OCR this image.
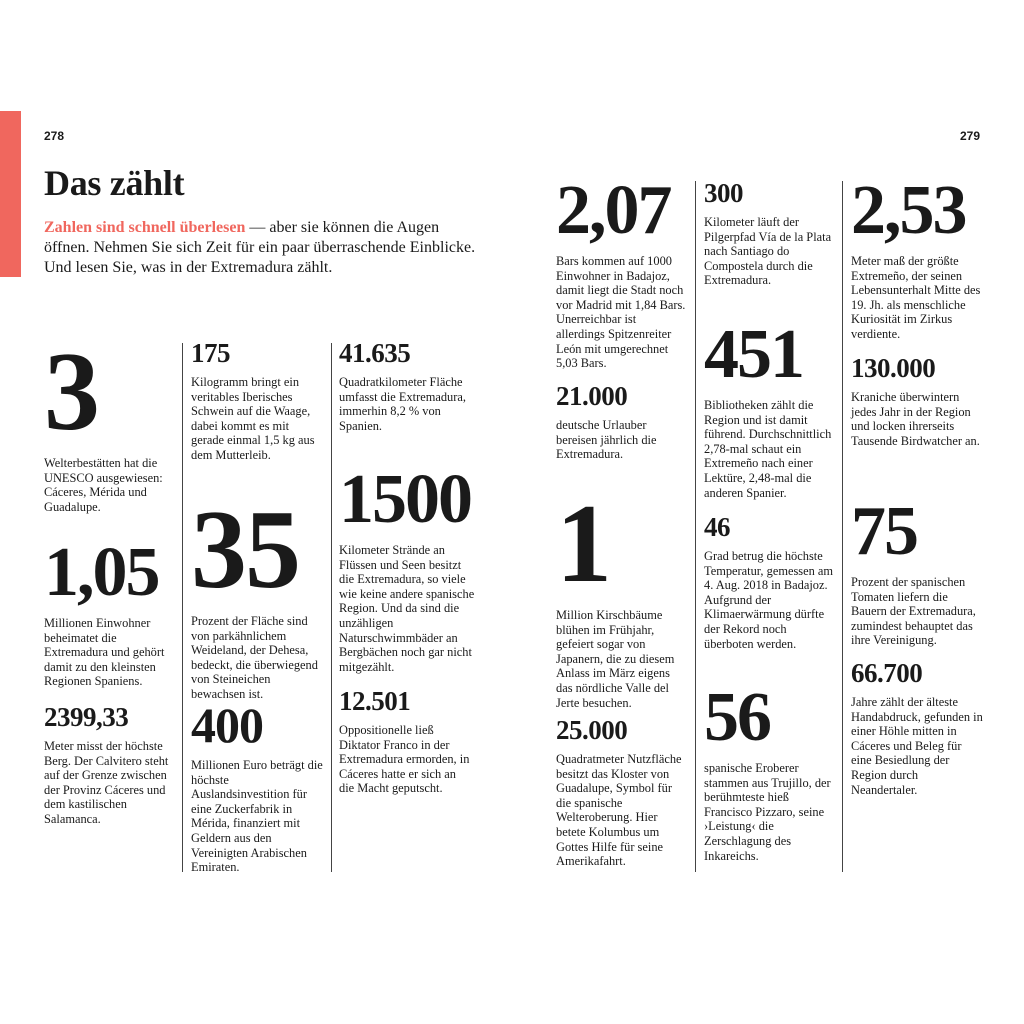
278	279
Das zählt
Zahlen sind schnell überlesen — aber sie können die Augen öffnen. Nehmen Sie sich Zeit für ein paar überraschende Einblicke. Und lesen Sie, was in der Extremadura zählt.
3
Welterbestätten hat die UNESCO ausgewiesen: Cáceres, Mérida und Guadalupe.
1,05
Millionen Einwohner beheimatet die Extremadura und gehört damit zu den kleinsten Regionen Spaniens.
2399,33
Meter misst der höchste Berg. Der Calvitero steht auf der Grenze zwischen der Provinz Cáceres und dem kastilischen Salamanca.
175
Kilogramm bringt ein veritables Iberisches Schwein auf die Waage, dabei kommt es mit gerade einmal 1,5 kg aus dem Mutterleib.
35
Prozent der Fläche sind von parkähnlichem Weideland, der Dehesa, bedeckt, die überwiegend von Steineichen bewachsen ist.
400
Millionen Euro beträgt die höchste Auslandsinvestition für eine Zuckerfabrik in Mérida, finanziert mit Geldern aus den Vereinigten Arabischen Emiraten.
41.635
Quadratkilometer Fläche umfasst die Extremadura, immerhin 8,2 % von Spanien.
1500
Kilometer Strände an Flüssen und Seen besitzt die Extremadura, so viele wie keine andere spanische Region. Und da sind die unzähligen Naturschwimmbäder an Bergbächen noch gar nicht mitgezählt.
12.501
Oppositionelle ließ Diktator Franco in der Extremadura ermorden, in Cáceres hatte er sich an die Macht geputscht.
2,07
Bars kommen auf 1000 Einwohner in Badajoz, damit liegt die Stadt noch vor Madrid mit 1,84 Bars. Unerreichbar ist allerdings Spitzenreiter León mit umgerechnet 5,03 Bars.
21.000
deutsche Urlauber bereisen jährlich die Extremadura.
1
Million Kirschbäume blühen im Frühjahr, gefeiert sogar von Japanern, die zu diesem Anlass im März eigens das nördliche Valle del Jerte besuchen.
25.000
Quadratmeter Nutzfläche besitzt das Kloster von Guadalupe, Symbol für die spanische Welteroberung. Hier betete Kolumbus um Gottes Hilfe für seine Amerikafahrt.
300
Kilometer läuft der Pilgerpfad Vía de la Plata nach Santiago do Compostela durch die Extremadura.
451
Bibliotheken zählt die Region und ist damit führend. Durchschnittlich 2,78-mal schaut ein Extremeño nach einer Lektüre, 2,48-mal die anderen Spanier.
46
Grad betrug die höchste Temperatur, gemessen am 4. Aug. 2018 in Badajoz. Aufgrund der Klimaerwärmung dürfte der Rekord noch überboten werden.
56
spanische Eroberer stammen aus Trujillo, der berühmteste hieß Francisco Pizzaro, seine ›Leistung‹ die Zerschlagung des Inkareichs.
2,53
Meter maß der größte Extremeño, der seinen Lebensunterhalt Mitte des 19. Jh. als menschliche Kuriosität im Zirkus verdiente.
130.000
Kraniche überwintern jedes Jahr in der Region und locken ihrerseits Tausende Birdwatcher an.
75
Prozent der spanischen Tomaten liefern die Bauern der Extremadura, zumindest behauptet das ihre Vereinigung.
66.700
Jahre zählt der älteste Handabdruck, gefunden in einer Höhle mitten in Cáceres und Beleg für eine Besiedlung der Region durch Neandertaler.
